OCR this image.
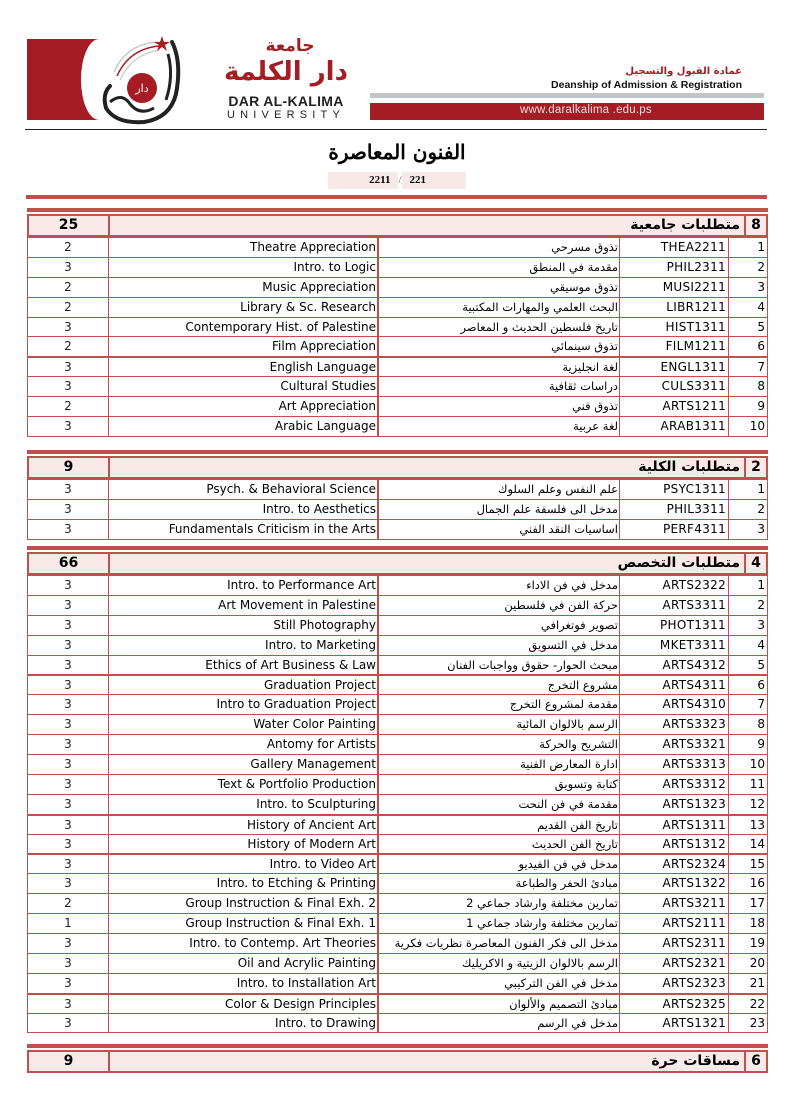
دار
جامعة
دار الكلمة
DAR AL-KALIMA
UNIVERSITY
عمادة القبول والتسجيل
Deanship of Admission & Registration
www.daralkalima .edu.ps
الفنون المعاصرة
2211 / 221
25	متطلبات جامعية 8
2	Theatre Appreciation	تذوق مسرحي	THEA2211	1
3	Intro. to Logic	مقدمة في المنطق	PHIL2311	2
2	Music Appreciation	تذوق موسيقي	MUSI2211	3
2	Library & Sc. Research	البحث العلمي والمهارات المكتبية	LIBR1211	4
3	Contemporary Hist. of Palestine	تاريخ فلسطين الحديث و المعاصر	HIST1311	5
2	Film Appreciation	تذوق سينمائي	FILM1211	6
3	English Language	لغة انجليزية	ENGL1311	7
3	Cultural Studies	دراسات ثقافية	CULS3311	8
2	Art Appreciation	تذوق فني	ARTS1211	9
3	Arabic Language	لغة عربية	ARAB1311	10
9	متطلبات الكلية 2
3	Psych. & Behavioral Science	علم النفس وعلم السلوك	PSYC1311	1
3	Intro. to Aesthetics	مدخل الى فلسفة علم الجمال	PHIL3311	2
3	Fundamentals Criticism in the Arts	اساسيات النقد الفني	PERF4311	3
66	متطلبات التخصص 4
3	Intro. to Performance Art	مدخل في فن الاداء	ARTS2322	1
3	Art Movement in Palestine	حركة الفن في فلسطين	ARTS3311	2
3	Still Photography	تصوير فوتغرافي	PHOT1311	3
3	Intro. to Marketing	مدخل في التسويق	MKET3311	4
3	Ethics of Art Business & Law	مبحث الحوار- حقوق وواجبات الفنان	ARTS4312	5
3	Graduation Project	مشروع التخرج	ARTS4311	6
3	Intro to Graduation Project	مقدمة لمشروع التخرج	ARTS4310	7
3	Water Color Painting	الرسم بالالوان المائية	ARTS3323	8
3	Antomy for Artists	التشريح والحركة	ARTS3321	9
3	Gallery Management	ادارة المعارض الفنية	ARTS3313	10
3	Text & Portfolio Production	كتابة وتسويق	ARTS3312	11
3	Intro. to Sculpturing	مقدمة في فن النحت	ARTS1323	12
3	History of Ancient Art	تاريخ الفن القديم	ARTS1311	13
3	History of Modern Art	تاريخ الفن الحديث	ARTS1312	14
3	Intro. to Video Art	مدخل في فن الفيديو	ARTS2324	15
3	Intro. to Etching & Printing	مبادئ الحفر والطباعة	ARTS1322	16
2	Group Instruction & Final Exh. 2	تمارين مختلفة وارشاد جماعي 2	ARTS3211	17
1	Group Instruction & Final Exh. 1	تمارين مختلفة وارشاد جماعي 1	ARTS2111	18
3	Intro. to Contemp. Art Theories	مدخل الى فكر الفنون المعاصرة نظريات فكرية	ARTS2311	19
3	Oil and Acrylic Painting	الرسم بالالوان الزيتية و الاكريليك	ARTS2321	20
3	Intro. to Installation Art	مدخل في الفن التركيبي	ARTS2323	21
3	Color & Design Principles	مبادئ التصميم والألوان	ARTS2325	22
3	Intro. to Drawing	مدخل في الرسم	ARTS1321	23
9	مساقات حرة 6
